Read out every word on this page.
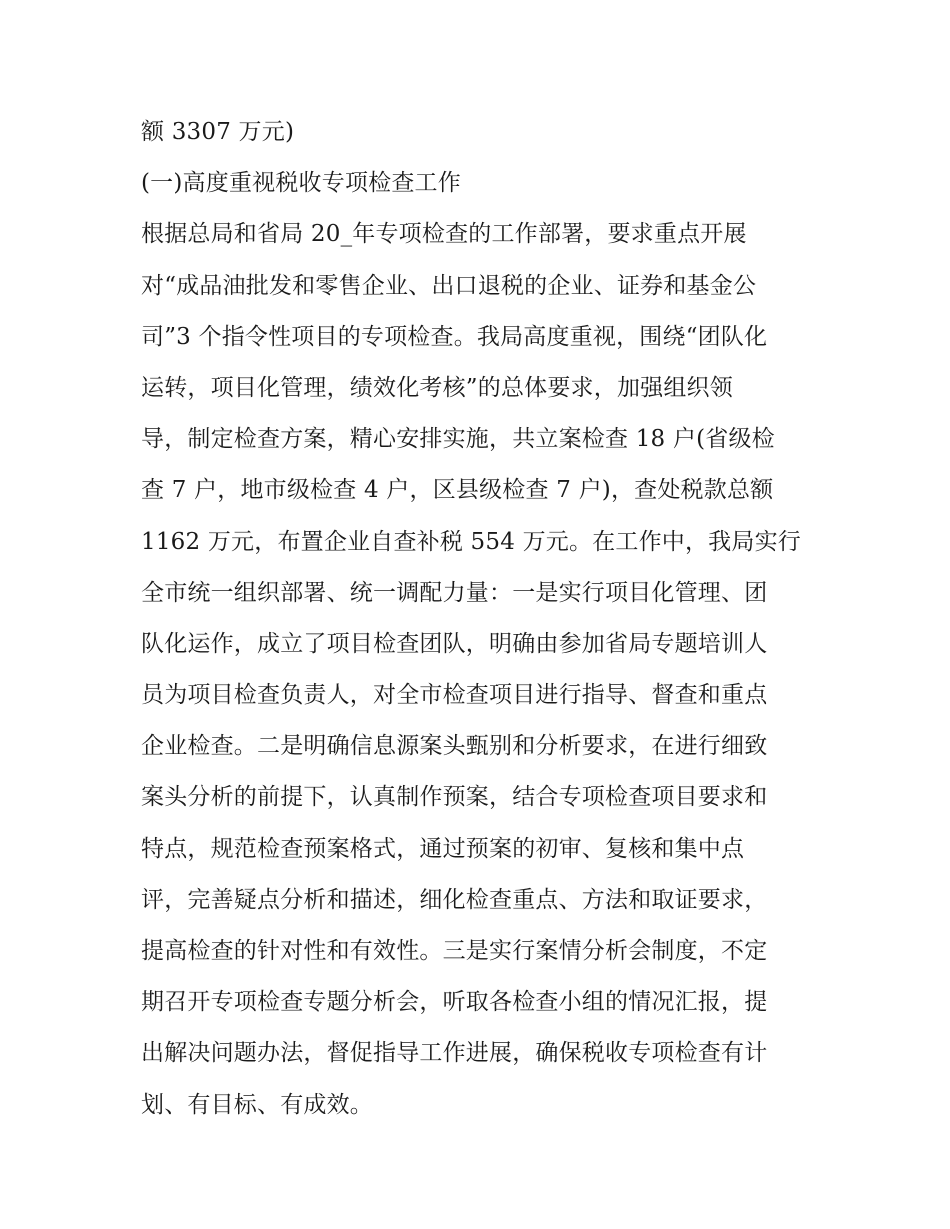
额 3307 万元)
(一)高度重视税收专项检查工作
根据总局和省局 20_年专项检查的工作部署，要求重点开展
对“成品油批发和零售企业、出口退税的企业、证券和基金公
司”3 个指令性项目的专项检查。我局高度重视，围绕“团队化
运转，项目化管理，绩效化考核”的总体要求，加强组织领
导，制定检查方案，精心安排实施，共立案检查 18 户(省级检
查 7 户，地市级检查 4 户，区县级检查 7 户)，查处税款总额
1162 万元，布置企业自查补税 554 万元。在工作中，我局实行
全市统一组织部署、统一调配力量：一是实行项目化管理、团
队化运作，成立了项目检查团队，明确由参加省局专题培训人
员为项目检查负责人，对全市检查项目进行指导、督查和重点
企业检查。二是明确信息源案头甄别和分析要求，在进行细致
案头分析的前提下，认真制作预案，结合专项检查项目要求和
特点，规范检查预案格式，通过预案的初审、复核和集中点
评，完善疑点分析和描述，细化检查重点、方法和取证要求，
提高检查的针对性和有效性。三是实行案情分析会制度，不定
期召开专项检查专题分析会，听取各检查小组的情况汇报，提
出解决问题办法，督促指导工作进展，确保税收专项检查有计
划、有目标、有成效。
